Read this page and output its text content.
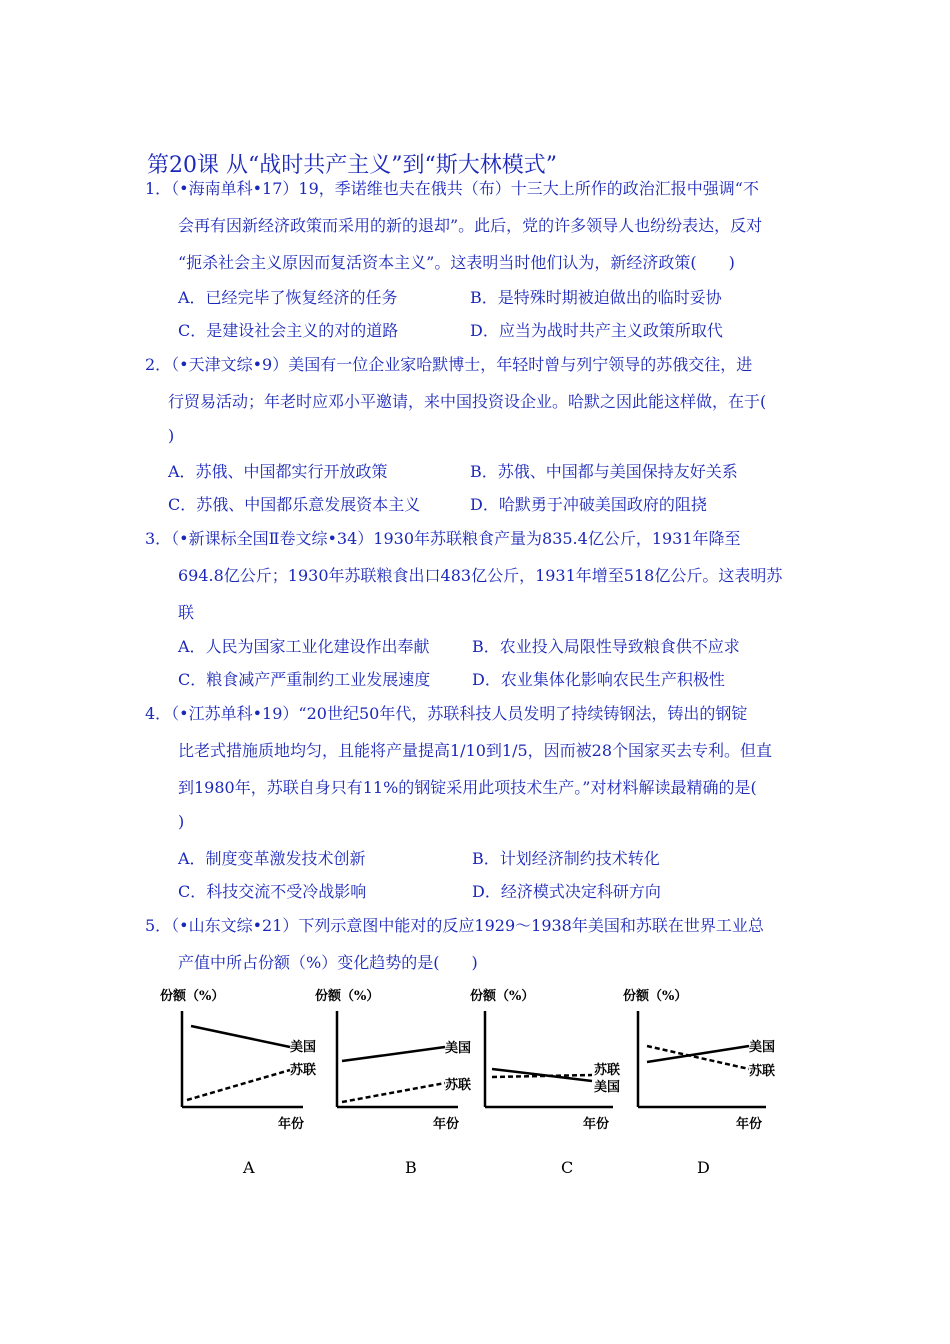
第20课 从“战时共产主义”到“斯大林模式”
1．（•海南单科•17）19，季诺维也夫在俄共（布）十三大上所作的政治汇报中强调“不
会再有因新经济政策而采用的新的退却”。此后，党的许多领导人也纷纷表达，反对
“扼杀社会主义原因而复活资本主义”。这表明当时他们认为，新经济政策(　　)
A．已经完毕了恢复经济的任务	B．是特殊时期被迫做出的临时妥协
C．是建设社会主义的对的道路	D．应当为战时共产主义政策所取代
2．（•天津文综•9）美国有一位企业家哈默博士，年轻时曾与列宁领导的苏俄交往，进
行贸易活动；年老时应邓小平邀请，来中国投资设企业。哈默之因此能这样做，在于(
)
A．苏俄、中国都实行开放政策	B．苏俄、中国都与美国保持友好关系
C．苏俄、中国都乐意发展资本主义	D．哈默勇于冲破美国政府的阻挠
3．（•新课标全国Ⅱ卷文综•34）1930年苏联粮食产量为835.4亿公斤，1931年降至
694.8亿公斤；1930年苏联粮食出口483亿公斤，1931年增至518亿公斤。这表明苏
联
A．人民为国家工业化建设作出奉献	B．农业投入局限性导致粮食供不应求
C．粮食减产严重制约工业发展速度	D．农业集体化影响农民生产积极性
4．（•江苏单科•19）“20世纪50年代，苏联科技人员发明了持续铸钢法，铸出的钢锭
比老式措施质地均匀，且能将产量提高1/10到1/5，因而被28个国家买去专利。但直
到1980年，苏联自身只有11%的钢锭采用此项技术生产。”对材料解读最精确的是(
)
A．制度变革激发技术创新	B．计划经济制约技术转化
C．科技交流不受冷战影响	D．经济模式决定科研方向
5．（•山东文综•21）下列示意图中能对的反应1929～1938年美国和苏联在世界工业总
产值中所占份额（%）变化趋势的是(　　)
份额（%）
美国
苏联
年份
份额（%）
美国
苏联
年份
份额（%）
苏联
美国
年份
份额（%）
美国
苏联
年份
A	B	C	D
